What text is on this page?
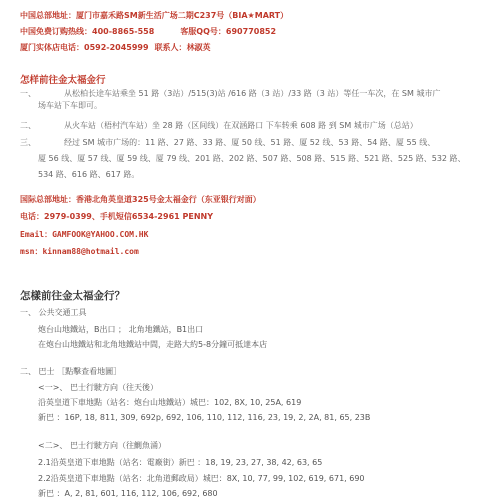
中国总部地址：厦门市嘉禾路SM新生活广场二期C237号（BIA★MART）
中国免费订购热线：400-8865-558	客服QQ号：690770852
厦门实体店电话：0592-2045999 联系人：林淑英
怎样前往金太福金行
一、	从松柏长途车站乘坐 51 路（3站）/515(3)站 /616 路（3 站）/33 路（3 站）等任一车次，在 SM 城市广
场车站下车即可。
二、	从火车站（梧村汽车站）坐 28 路（区间线）在双涵路口 下车转乘 608 路 到 SM 城市广场（总站）
三、	经过 SM 城市广场的：11 路、27 路、33 路、厦 50 线、51 路、厦 52 线、53 路、54 路、厦 55 线、
厦 56 线、厦 57 线、厦 59 线、厦 79 线、201 路、202 路、507 路、508 路、515 路、521 路、525 路、532 路、
534 路、616 路、617 路。
国际总部地址：香港北角英皇道325号金太福金行（东亚银行对面）
电话：2979-0399、手机短信6534-2961 PENNY
Email：GAMFOOK@YAHOO.COM.HK
msn：kinnam88@hotmail.com
怎樣前往金太福金行？
一、 公共交通工具
炮台山地鐵站，B出口 ； 北角地鐵站，B1出口
在炮台山地鐵站和北角地鐵站中間，走路大約5-8分鐘可抵達本店
二、 巴士 ［點擊查看地圖］
<一>、 巴士行駛方向（往天後）
沿英皇道下車地點（站名：炮台山地鐵站）城巴：102, 8X, 10, 25A, 619
新巴 ：16P, 18, 811, 309, 692p, 692, 106, 110, 112, 116, 23, 19, 2, 2A, 81, 65, 23B
<二>、 巴士行駛方向（往鰂魚涌）
2.1沿英皇道下車地點（站名：電廠街）新巴 ：18, 19, 23, 27, 38, 42, 63, 65
2.2沿英皇道下車地點（站名：北角道郵政局）城巴：8X, 10, 77, 99, 102, 619, 671, 690
新巴 ：A, 2, 81, 601, 116, 112, 106, 692, 680
